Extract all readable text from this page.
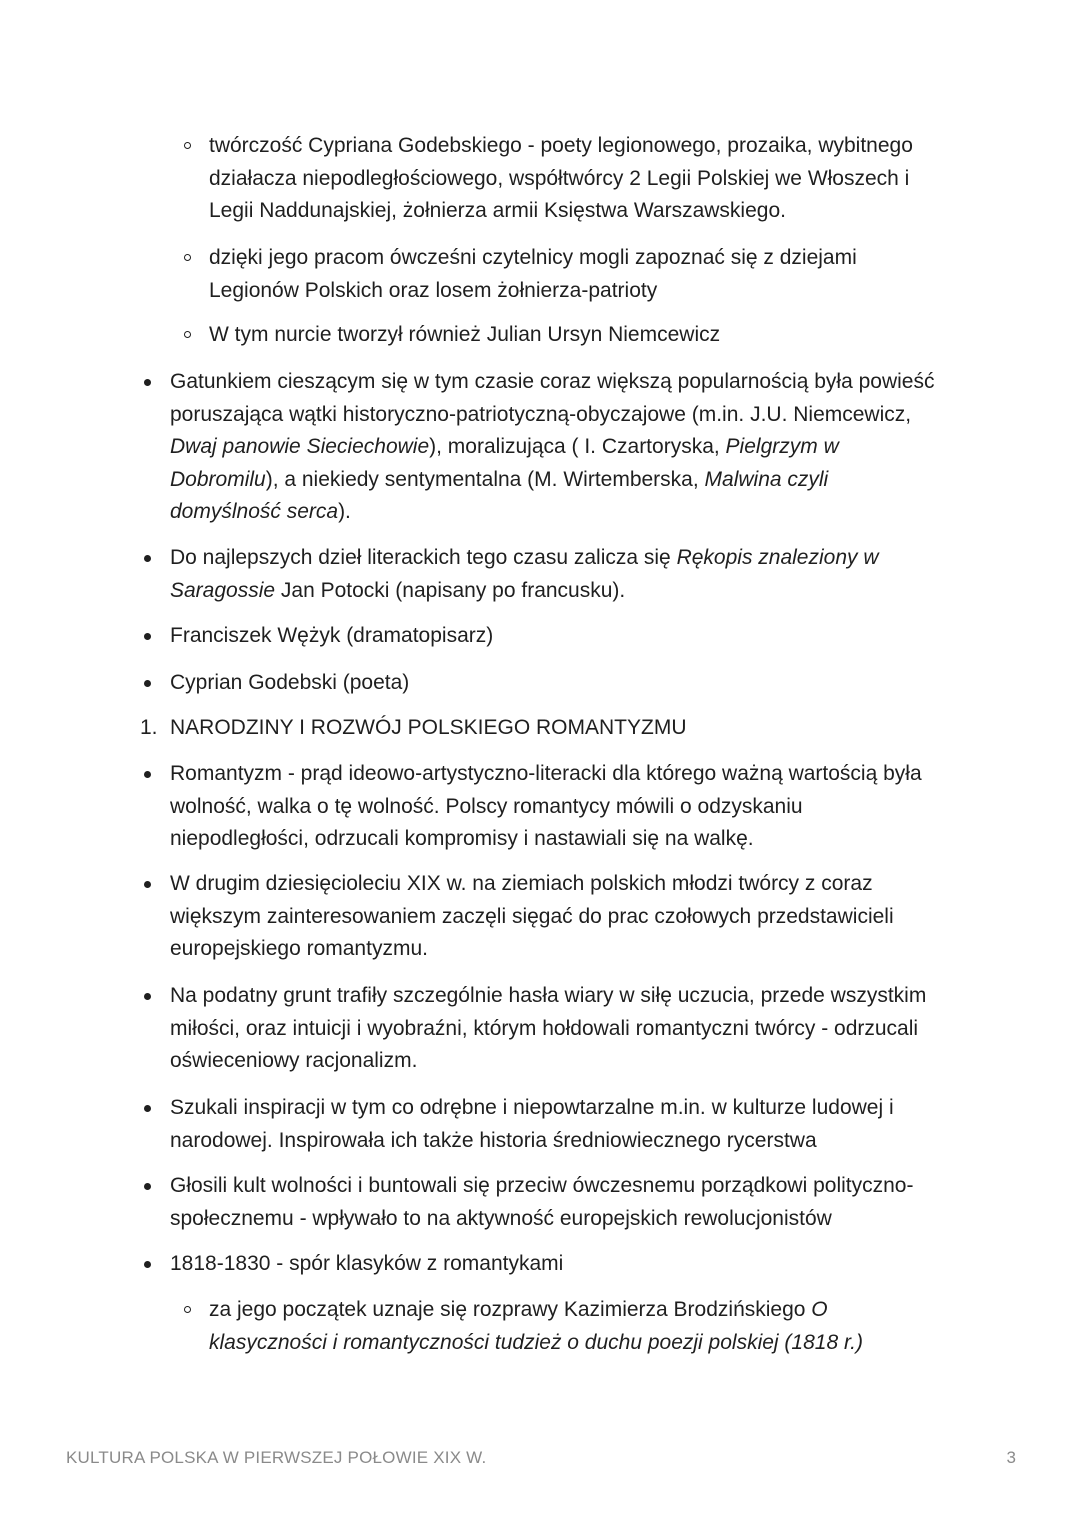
twórczość Cypriana Godebskiego - poety legionowego, prozaika, wybitnego działacza niepodległościowego, współtwórcy 2 Legii Polskiej we Włoszech i Legii Naddunajskiej, żołnierza armii Księstwa Warszawskiego.
dzięki jego pracom ówcześni czytelnicy mogli zapoznać się z dziejami Legionów Polskich oraz losem żołnierza-patrioty
W tym nurcie tworzył również Julian Ursyn Niemcewicz
Gatunkiem cieszącym się w tym czasie coraz większą popularnością była powieść poruszająca wątki historyczno-patriotyczną-obyczajowe (m.in. J.U. Niemcewicz, Dwaj panowie Sieciechowie), moralizująca ( I. Czartoryska, Pielgrzym w Dobromilu), a niekiedy sentymentalna (M. Wirtemberska, Malwina czyli domyślność serca).
Do najlepszych dzieł literackich tego czasu zalicza się Rękopis znaleziony w Saragossie Jan Potocki (napisany po francusku).
Franciszek Wężyk (dramatopisarz)
Cyprian Godebski (poeta)
1. NARODZINY I ROZWÓJ POLSKIEGO ROMANTYZMU
Romantyzm - prąd ideowo-artystyczno-literacki dla którego ważną wartością była wolność, walka o tę wolność. Polscy romantycy mówili o odzyskaniu niepodległości, odrzucali kompromisy i nastawiali się na walkę.
W drugim dziesięcioleciu XIX w. na ziemiach polskich młodzi twórcy z coraz większym zainteresowaniem zaczęli sięgać do prac czołowych przedstawicieli europejskiego romantyzmu.
Na podatny grunt trafiły szczególnie hasła wiary w siłę uczucia, przede wszystkim miłości, oraz intuicji i wyobraźni, którym hołdowali romantyczni twórcy - odrzucali oświeceniowy racjonalizm.
Szukali inspiracji w tym co odrębne i niepowtarzalne m.in. w kulturze ludowej i narodowej. Inspirowała ich także historia średniowiecznego rycerstwa
Głosili kult wolności i buntowali się przeciw ówczesnemu porządkowi polityczno-społecznemu - wpływało to na aktywność europejskich rewolucjonistów
1818-1830 - spór klasyków z romantykami
za jego początek uznaje się rozprawy Kazimierza Brodzińskiego O klasyczności i romantyczności tudzież o duchu poezji polskiej (1818 r.)
KULTURA POLSKA W PIERWSZEJ POŁOWIE XIX W.	3
